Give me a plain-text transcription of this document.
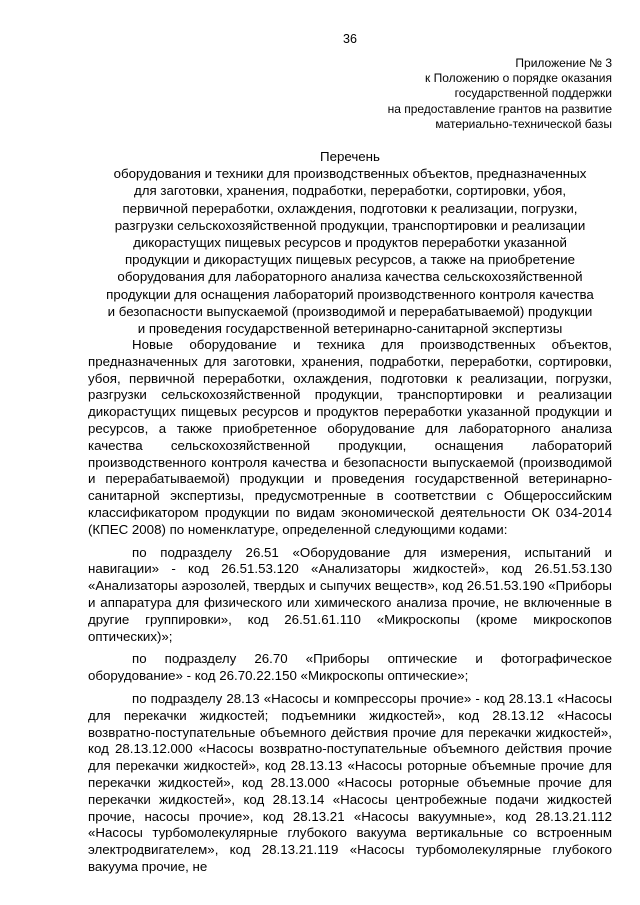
36
Приложение № 3
к Положению о порядке оказания
государственной поддержки
на предоставление грантов на развитие
материально-технической базы
Перечень
оборудования и техники для производственных объектов, предназначенных
для заготовки, хранения, подработки, переработки, сортировки, убоя,
первичной переработки, охлаждения, подготовки к реализации, погрузки,
разгрузки сельскохозяйственной продукции, транспортировки и реализации
дикорастущих пищевых ресурсов и продуктов переработки указанной
продукции и дикорастущих пищевых ресурсов, а также на приобретение
оборудования для лабораторного анализа качества сельскохозяйственной
продукции для оснащения лабораторий производственного контроля качества
и безопасности выпускаемой (производимой и перерабатываемой) продукции
и проведения государственной ветеринарно-санитарной экспертизы

Новые оборудование и техника для производственных объектов, предназначенных для заготовки, хранения, подработки, переработки, сортировки, убоя, первичной переработки, охлаждения, подготовки к реализации, погрузки, разгрузки сельскохозяйственной продукции, транспортировки и реализации дикорастущих пищевых ресурсов и продуктов переработки указанной продукции и ресурсов, а также приобретенное оборудование для лабораторного анализа качества сельскохозяйственной продукции, оснащения лабораторий производственного контроля качества и безопасности выпускаемой (производимой и перерабатываемой) продукции и проведения государственной ветеринарно-санитарной экспертизы, предусмотренные в соответствии с Общероссийским классификатором продукции по видам экономической деятельности ОК 034-2014 (КПЕС 2008) по номенклатуре, определенной следующими кодами:

по подразделу 26.51 «Оборудование для измерения, испытаний и навигации» - код 26.51.53.120 «Анализаторы жидкостей», код 26.51.53.130 «Анализаторы аэрозолей, твердых и сыпучих веществ», код 26.51.53.190 «Приборы и аппаратура для физического или химического анализа прочие, не включенные в другие группировки», код 26.51.61.110 «Микроскопы (кроме микроскопов оптических)»;

по подразделу 26.70 «Приборы оптические и фотографическое оборудование» - код 26.70.22.150 «Микроскопы оптические»;

по подразделу 28.13 «Насосы и компрессоры прочие» - код 28.13.1 «Насосы для перекачки жидкостей; подъемники жидкостей», код 28.13.12 «Насосы возвратно-поступательные объемного действия прочие для перекачки жидкостей», код 28.13.12.000 «Насосы возвратно-поступательные объемного действия прочие для перекачки жидкостей», код 28.13.13 «Насосы роторные объемные прочие для перекачки жидкостей», код 28.13.000 «Насосы роторные объемные прочие для перекачки жидкостей», код 28.13.14 «Насосы центробежные подачи жидкостей прочие, насосы прочие», код 28.13.21 «Насосы вакуумные», код 28.13.21.112 «Насосы турбомолекулярные глубокого вакуума вертикальные со встроенным электродвигателем», код 28.13.21.119 «Насосы турбомолекулярные глубокого вакуума прочие, не
